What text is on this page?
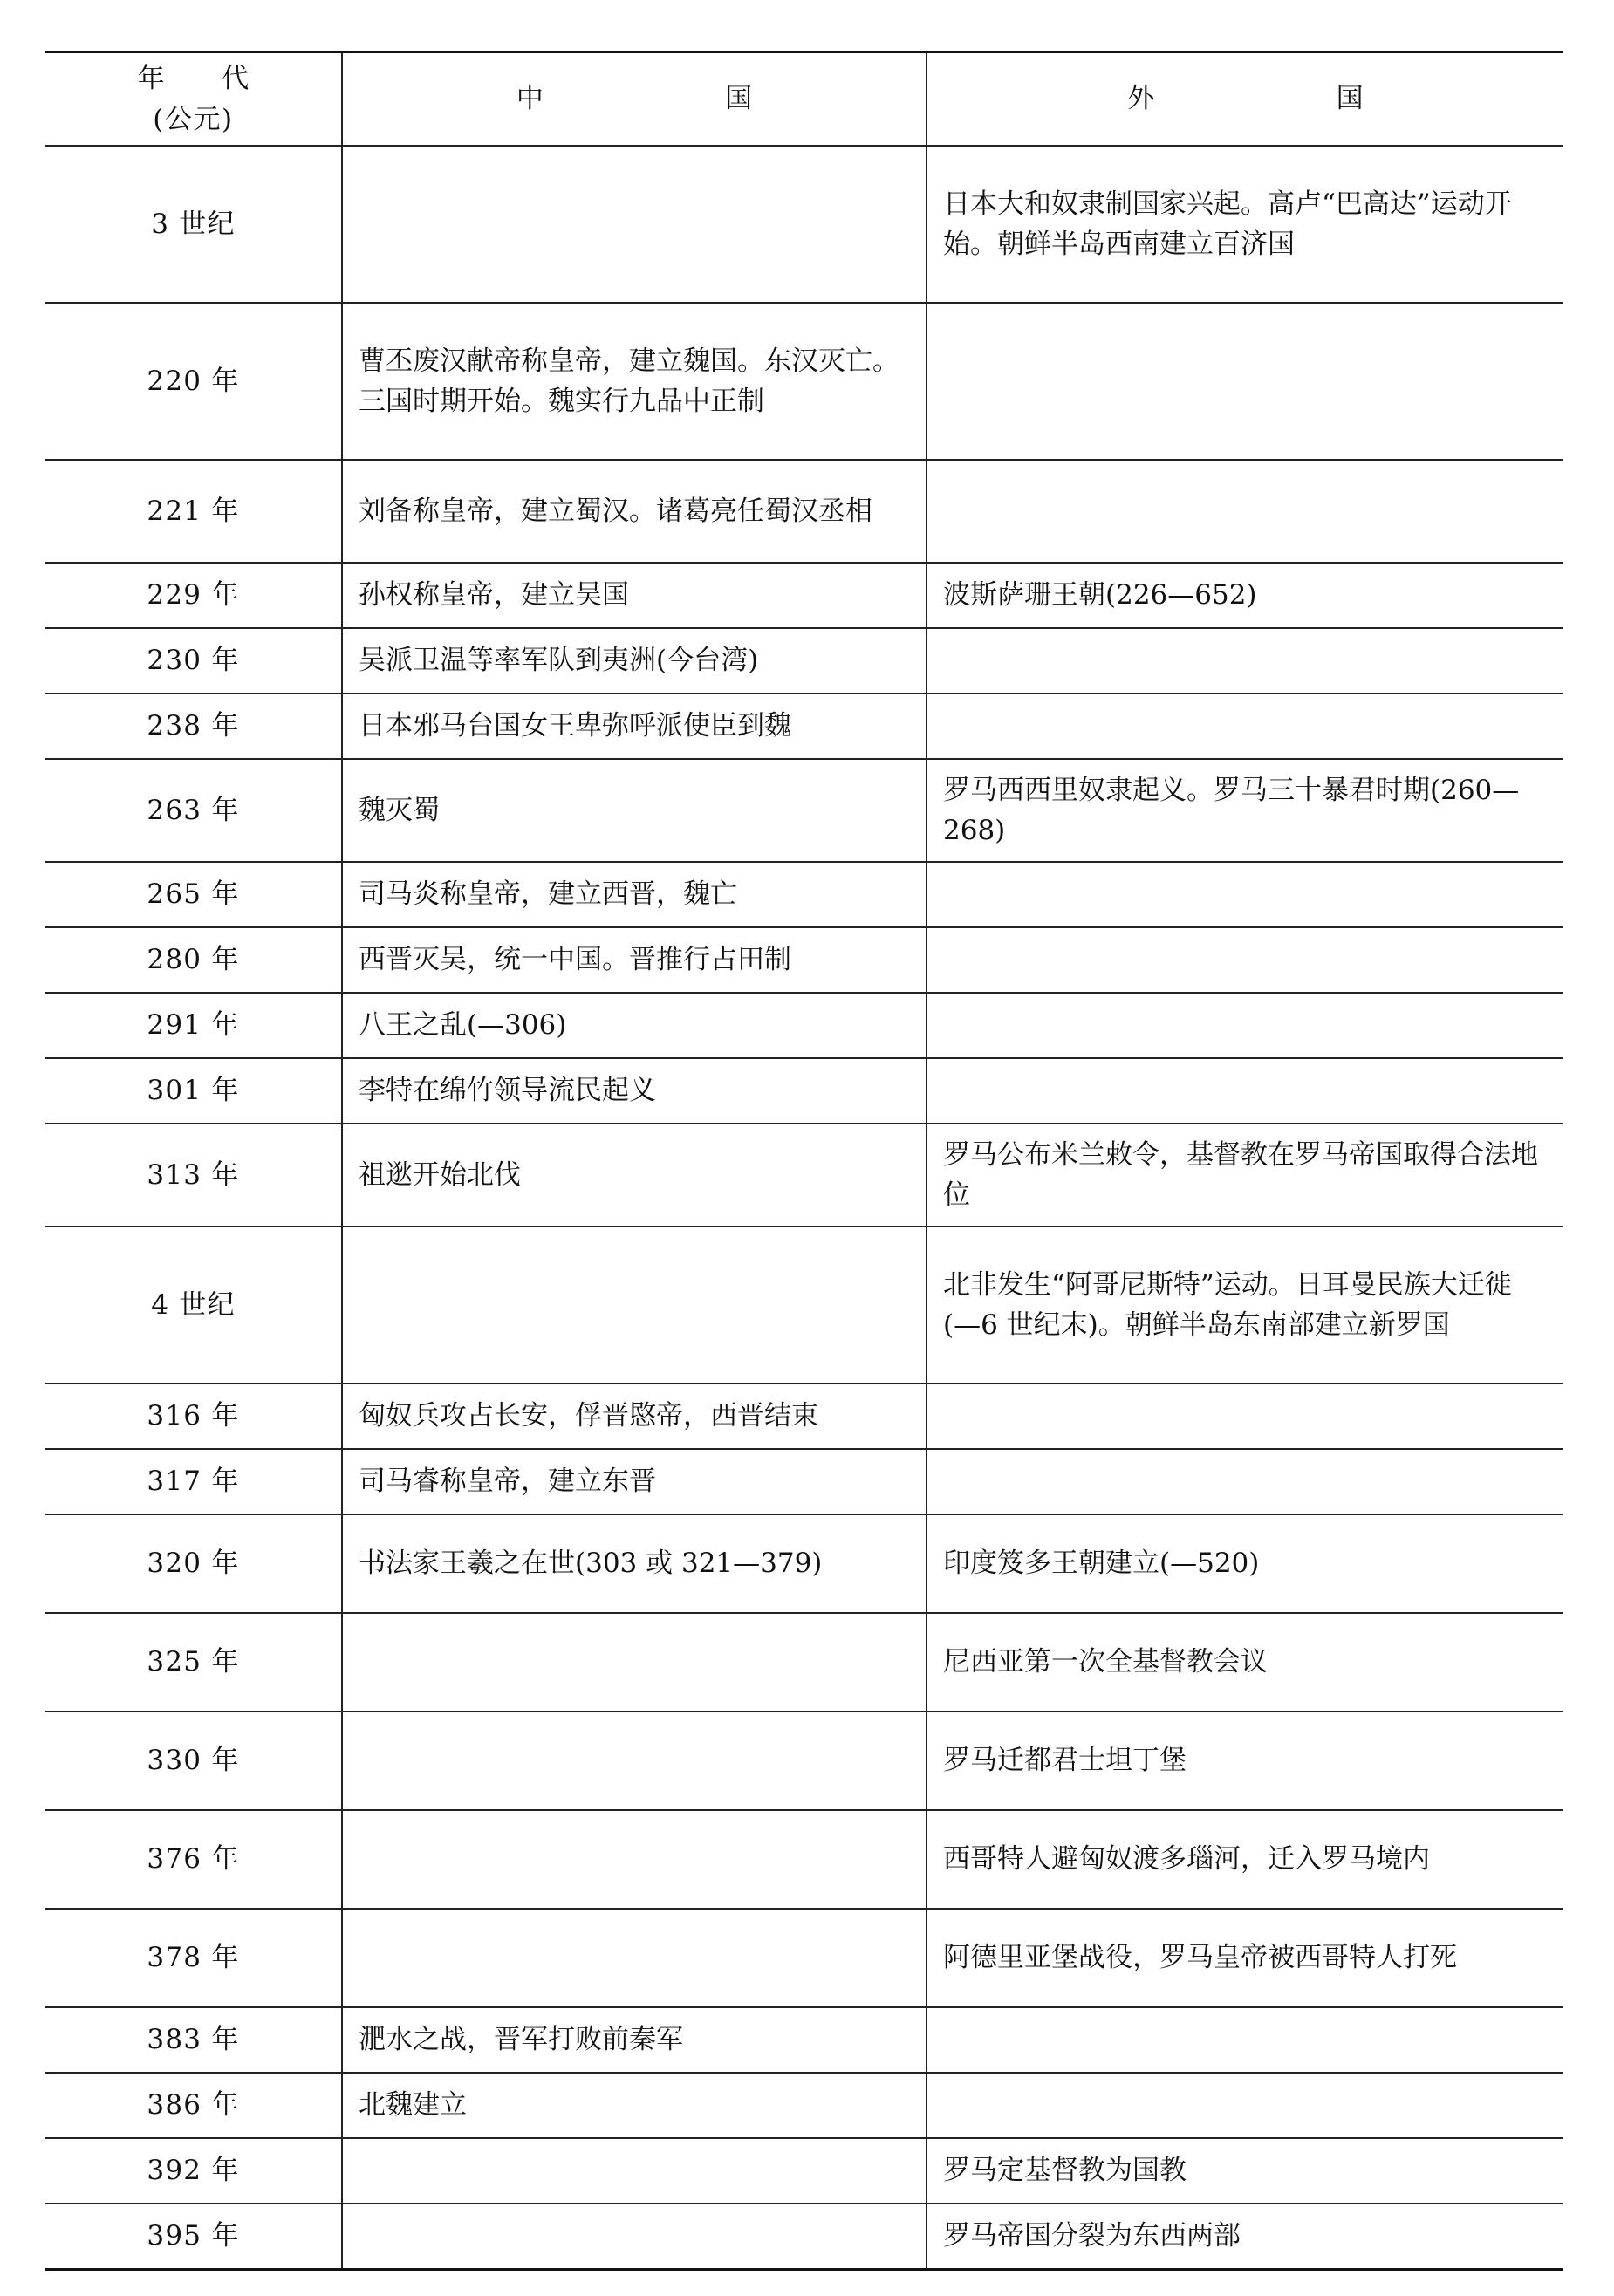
年 代
(公元)	中 国	外 国
3 世纪		日本大和奴隶制国家兴起。高卢“巴高达”运动开始。朝鲜半岛西南建立百济国
220 年	曹丕废汉献帝称皇帝，建立魏国。东汉灭亡。三国时期开始。魏实行九品中正制	
221 年	刘备称皇帝，建立蜀汉。诸葛亮任蜀汉丞相	
229 年	孙权称皇帝，建立吴国	波斯萨珊王朝(226—652)
230 年	吴派卫温等率军队到夷洲(今台湾)	
238 年	日本邪马台国女王卑弥呼派使臣到魏	
263 年	魏灭蜀	罗马西西里奴隶起义。罗马三十暴君时期(260—268)
265 年	司马炎称皇帝，建立西晋，魏亡	
280 年	西晋灭吴，统一中国。晋推行占田制	
291 年	八王之乱(—306)	
301 年	李特在绵竹领导流民起义	
313 年	祖逖开始北伐	罗马公布米兰敕令，基督教在罗马帝国取得合法地位
4 世纪		北非发生“阿哥尼斯特”运动。日耳曼民族大迁徙(—6 世纪末)。朝鲜半岛东南部建立新罗国
316 年	匈奴兵攻占长安，俘晋愍帝，西晋结束	
317 年	司马睿称皇帝，建立东晋	
320 年	书法家王羲之在世(303 或 321—379)	印度笈多王朝建立(—520)
325 年		尼西亚第一次全基督教会议
330 年		罗马迁都君士坦丁堡
376 年		西哥特人避匈奴渡多瑙河，迁入罗马境内
378 年		阿德里亚堡战役，罗马皇帝被西哥特人打死
383 年	淝水之战，晋军打败前秦军	
386 年	北魏建立	
392 年		罗马定基督教为国教
395 年		罗马帝国分裂为东西两部
